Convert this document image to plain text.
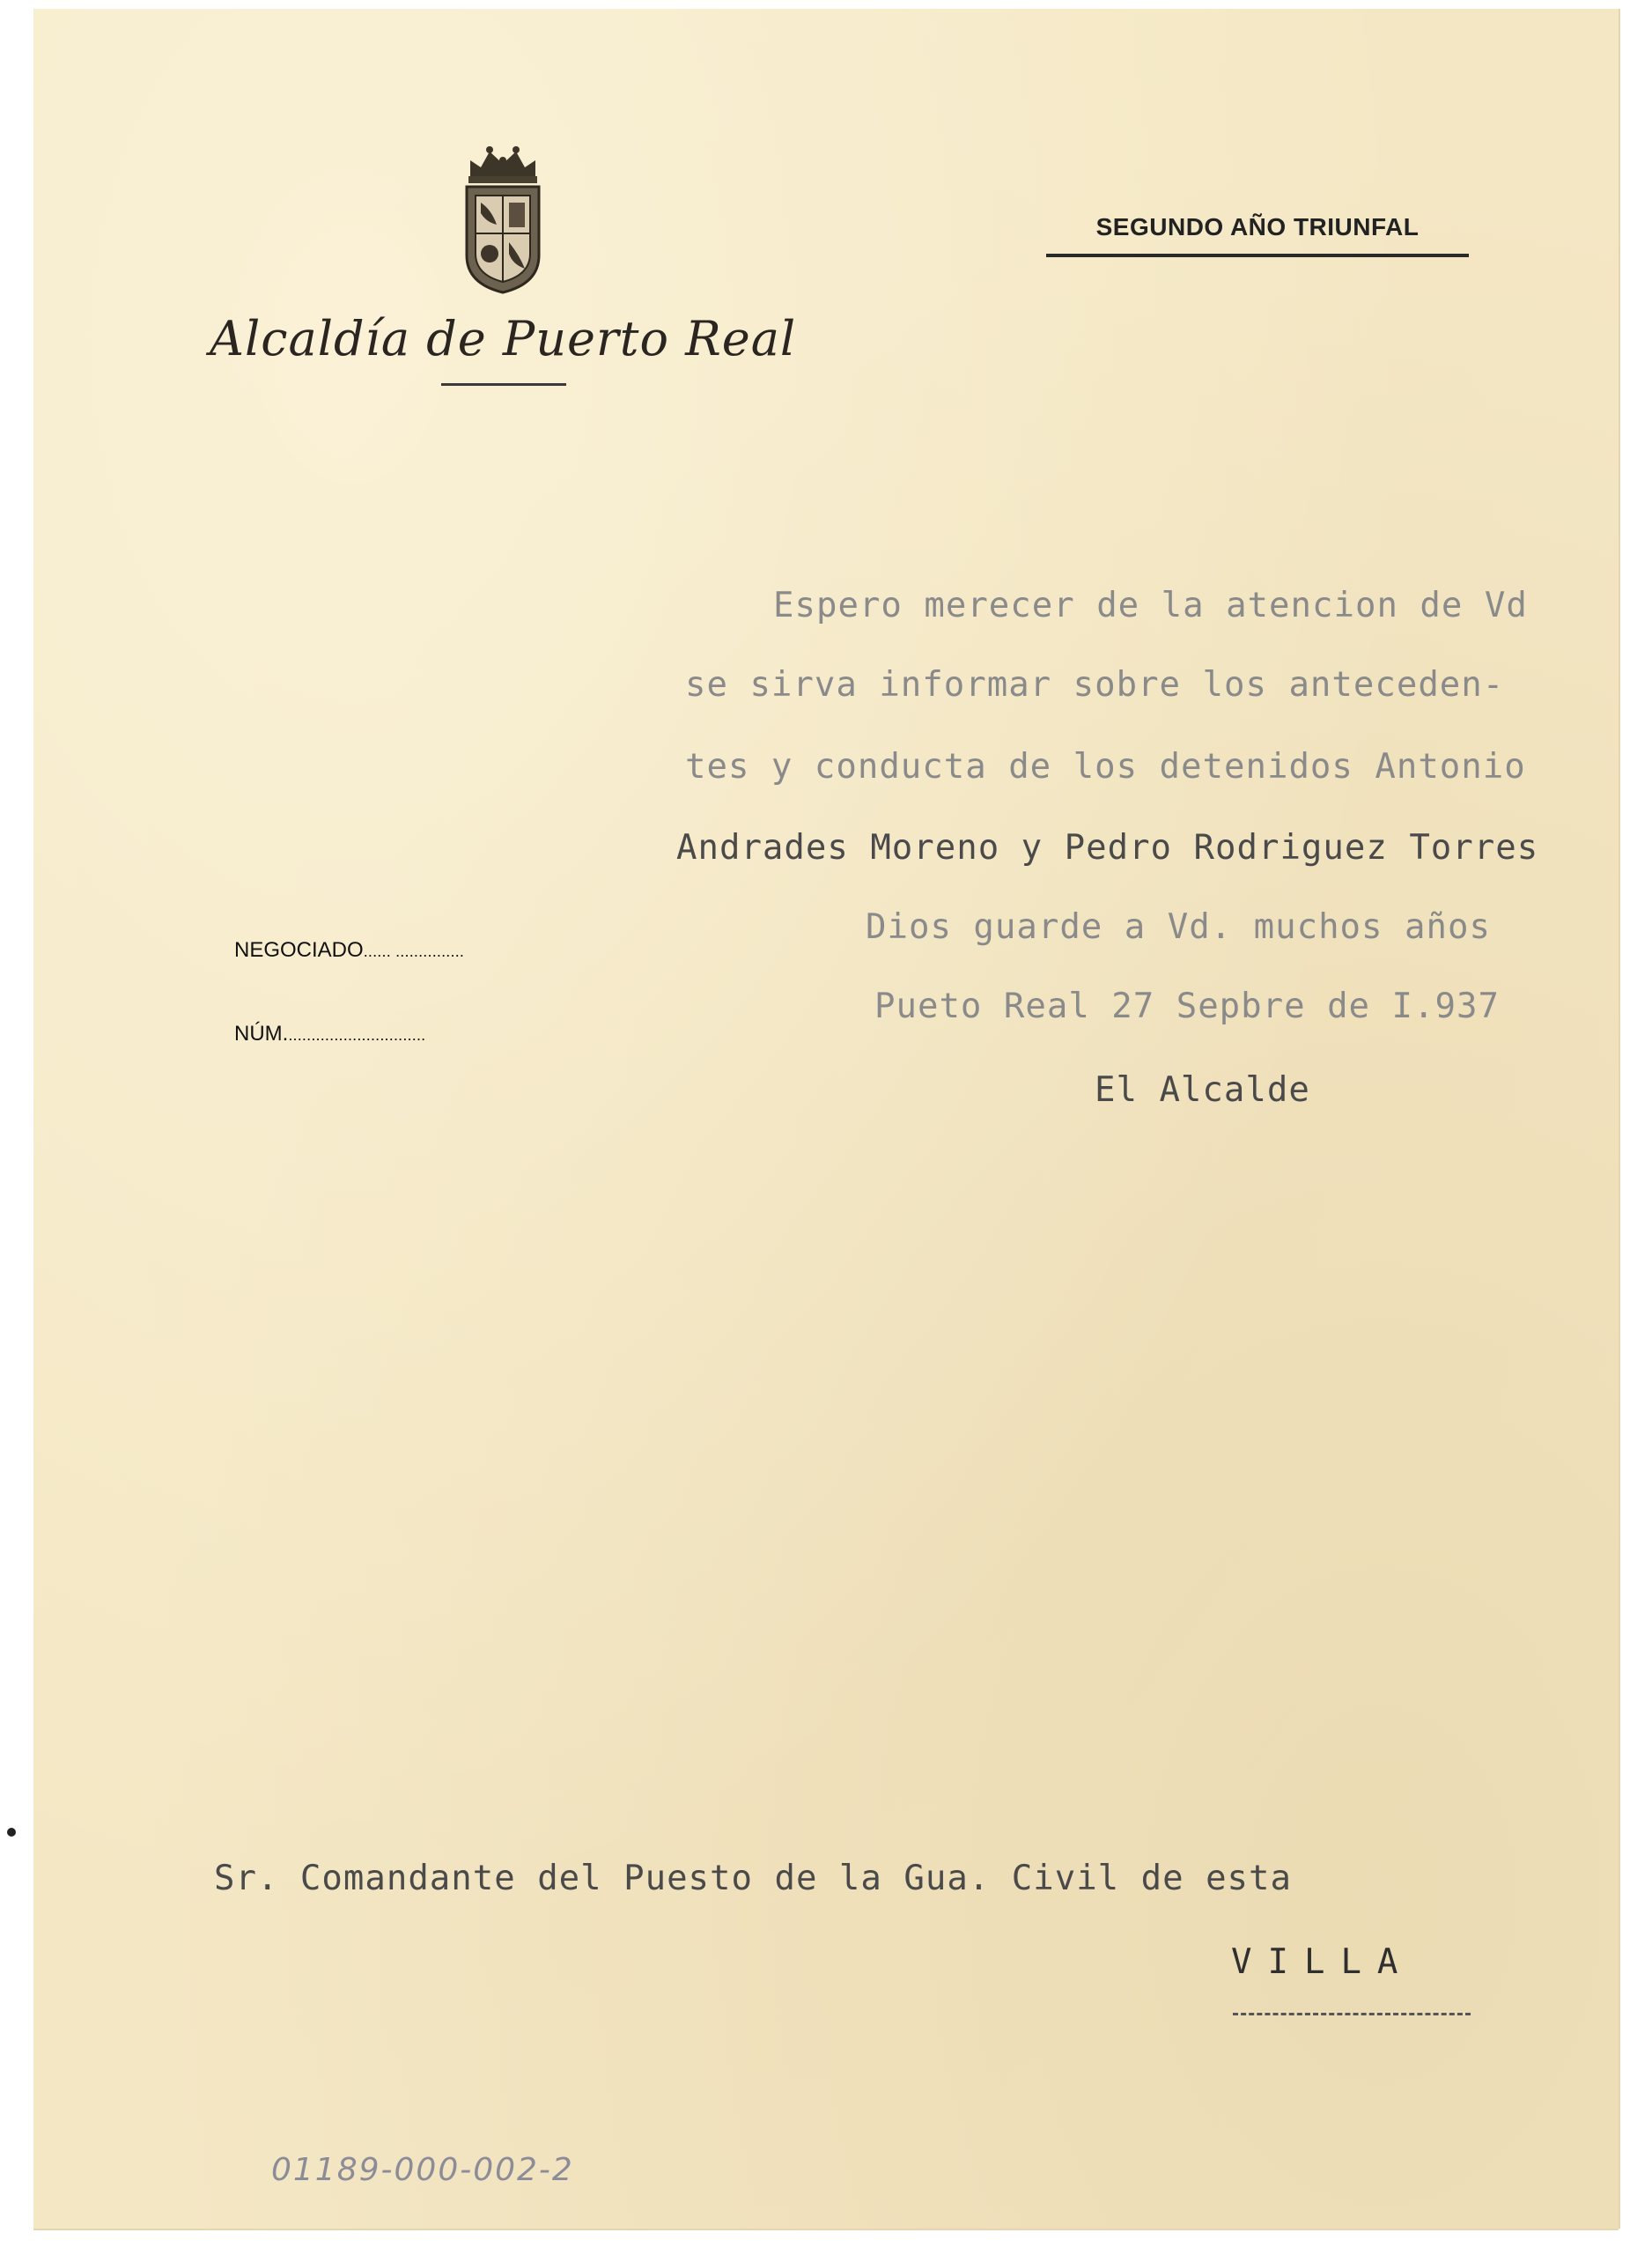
Alcaldía de Puerto Real
SEGUNDO AÑO TRIUNFAL
NEGOCIADO...... ...............
NÚM...............................
Espero merecer de la atencion de Vd
se sirva informar sobre los anteceden-
tes y conducta de los detenidos Antonio
Andrades Moreno y Pedro Rodriguez Torres
Dios guarde a Vd. muchos años
Pueto Real 27 Sepbre de I.937
El Alcalde
Sr. Comandante del Puesto de la Gua. Civil de esta
VILLA
01189-000-002-2
